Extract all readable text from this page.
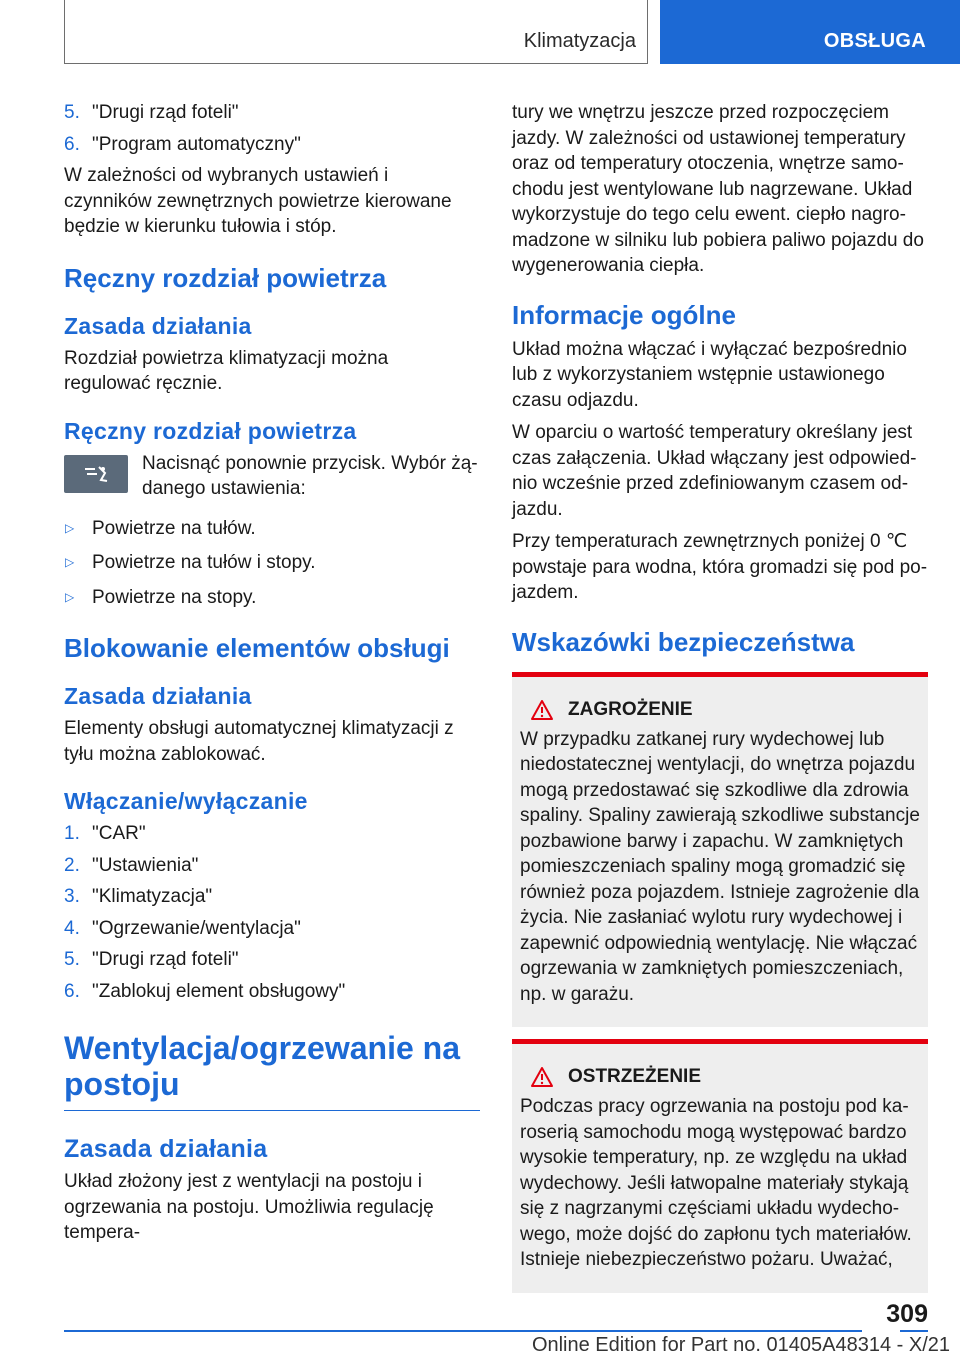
Klimatyzacja	OBSŁUGA
5. "Drugi rząd foteli"
6. "Program automatyczny"

W zależności od wybranych ustawień i czynników zewnętrznych powietrze kierowane będzie w kierunku tułowia i stóp.

Ręczny rozdział powietrza
Zasada działania

Rozdział powietrza klimatyzacji można regulować ręcznie.

Ręczny rozdział powietrza
Nacisnąć ponownie przycisk. Wybór żądanego ustawienia:
▷ Powietrze na tułów.
▷ Powietrze na tułów i stopy.
▷ Powietrze na stopy.
Blokowanie elementów obsługi
Zasada działania

Elementy obsługi automatycznej klimatyzacji z tyłu można zablokować.

Włączanie/wyłączanie
1. "CAR"
2. "Ustawienia"
3. "Klimatyzacja"
4. "Ogrzewanie/wentylacja"
5. "Drugi rząd foteli"
6. "Zablokuj element obsługowy"
Wentylacja/ogrzewanie na postoju
Zasada działania

Układ złożony jest z wentylacji na postoju i ogrzewania na postoju. Umożliwia regulację tempera-

tury we wnętrzu jeszcze przed rozpoczęciem jazdy. W zależności od ustawionej temperatury oraz od temperatury otoczenia, wnętrze samochodu jest wentylowane lub nagrzewane. Układ wykorzystuje do tego celu ewent. ciepło nagromadzone w silniku lub pobiera paliwo pojazdu do wygenerowania ciepła.

Informacje ogólne

Układ można włączać i wyłączać bezpośrednio lub z wykorzystaniem wstępnie ustawionego czasu odjazdu.

W oparciu o wartość temperatury określany jest czas załączenia. Układ włączany jest odpowiednio wcześnie przed zdefiniowanym czasem odjazdu.

Przy temperaturach zewnętrznych poniżej 0 ℃ powstaje para wodna, która gromadzi się pod pojazdem.

Wskazówki bezpieczeństwa
ZAGROŻENIE
W przypadku zatkanej rury wydechowej lub niedostatecznej wentylacji, do wnętrza pojazdu mogą przedostawać się szkodliwe dla zdrowia spaliny. Spaliny zawierają szkodliwe substancje pozbawione barwy i zapachu. W zamkniętych pomieszczeniach spaliny mogą gromadzić się również poza pojazdem. Istnieje zagrożenie dla życia. Nie zasłaniać wylotu rury wydechowej i zapewnić odpowiednią wentylację. Nie włączać ogrzewania w zamkniętych pomieszczeniach, np. w garażu.
OSTRZEŻENIE
Podczas pracy ogrzewania na postoju pod karoserią samochodu mogą występować bardzo wysokie temperatury, np. ze względu na układ wydechowy. Jeśli łatwopalne materiały stykają się z nagrzanymi częściami układu wydechowego, może dojść do zapłonu tych materiałów. Istnieje niebezpieczeństwo pożaru. Uważać,
309
Online Edition for Part no. 01405A48314 - X/21
